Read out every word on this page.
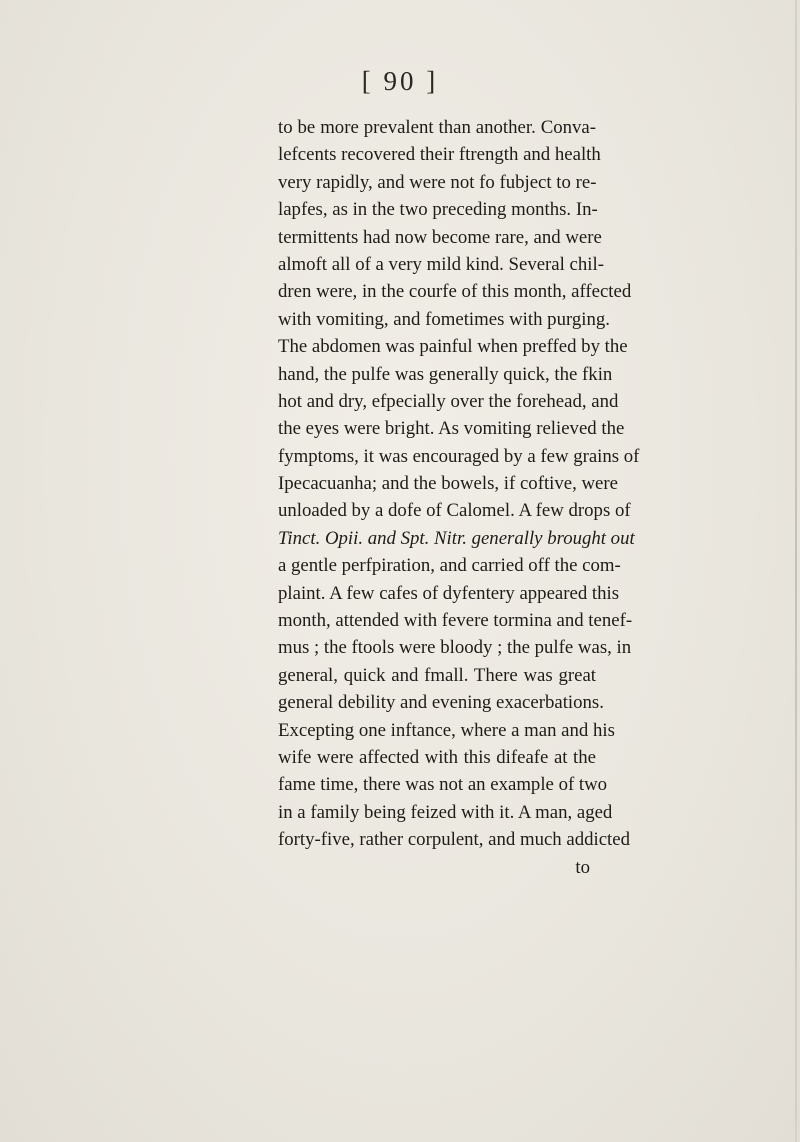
[ 90 ]
to be more prevalent than another. Conva-
lefcents recovered their ftrength and health
very rapidly, and were not fo fubject to re-
lapfes, as in the two preceding months. In-
termittents had now become rare, and were
almoft all of a very mild kind. Several chil-
dren were, in the courfe of this month, affected
with vomiting, and fometimes with purging.
The abdomen was painful when preffed by the
hand, the pulfe was generally quick, the fkin
hot and dry, efpecially over the forehead, and
the eyes were bright. As vomiting relieved the
fymptoms, it was encouraged by a few grains of
Ipecacuanha; and the bowels, if coftive, were
unloaded by a dofe of Calomel. A few drops of
Tinct. Opii. and Spt. Nitr. generally brought out
a gentle perfpiration, and carried off the com-
plaint. A few cafes of dyfentery appeared this
month, attended with fevere tormina and tenef-
mus ; the ftools were bloody ; the pulfe was, in
general, quick and fmall. There was great
general debility and evening exacerbations.
Excepting one inftance, where a man and his
wife were affected with this difeafe at the
fame time, there was not an example of two
in a family being feized with it. A man, aged
forty-five, rather corpulent, and much addicted
to
